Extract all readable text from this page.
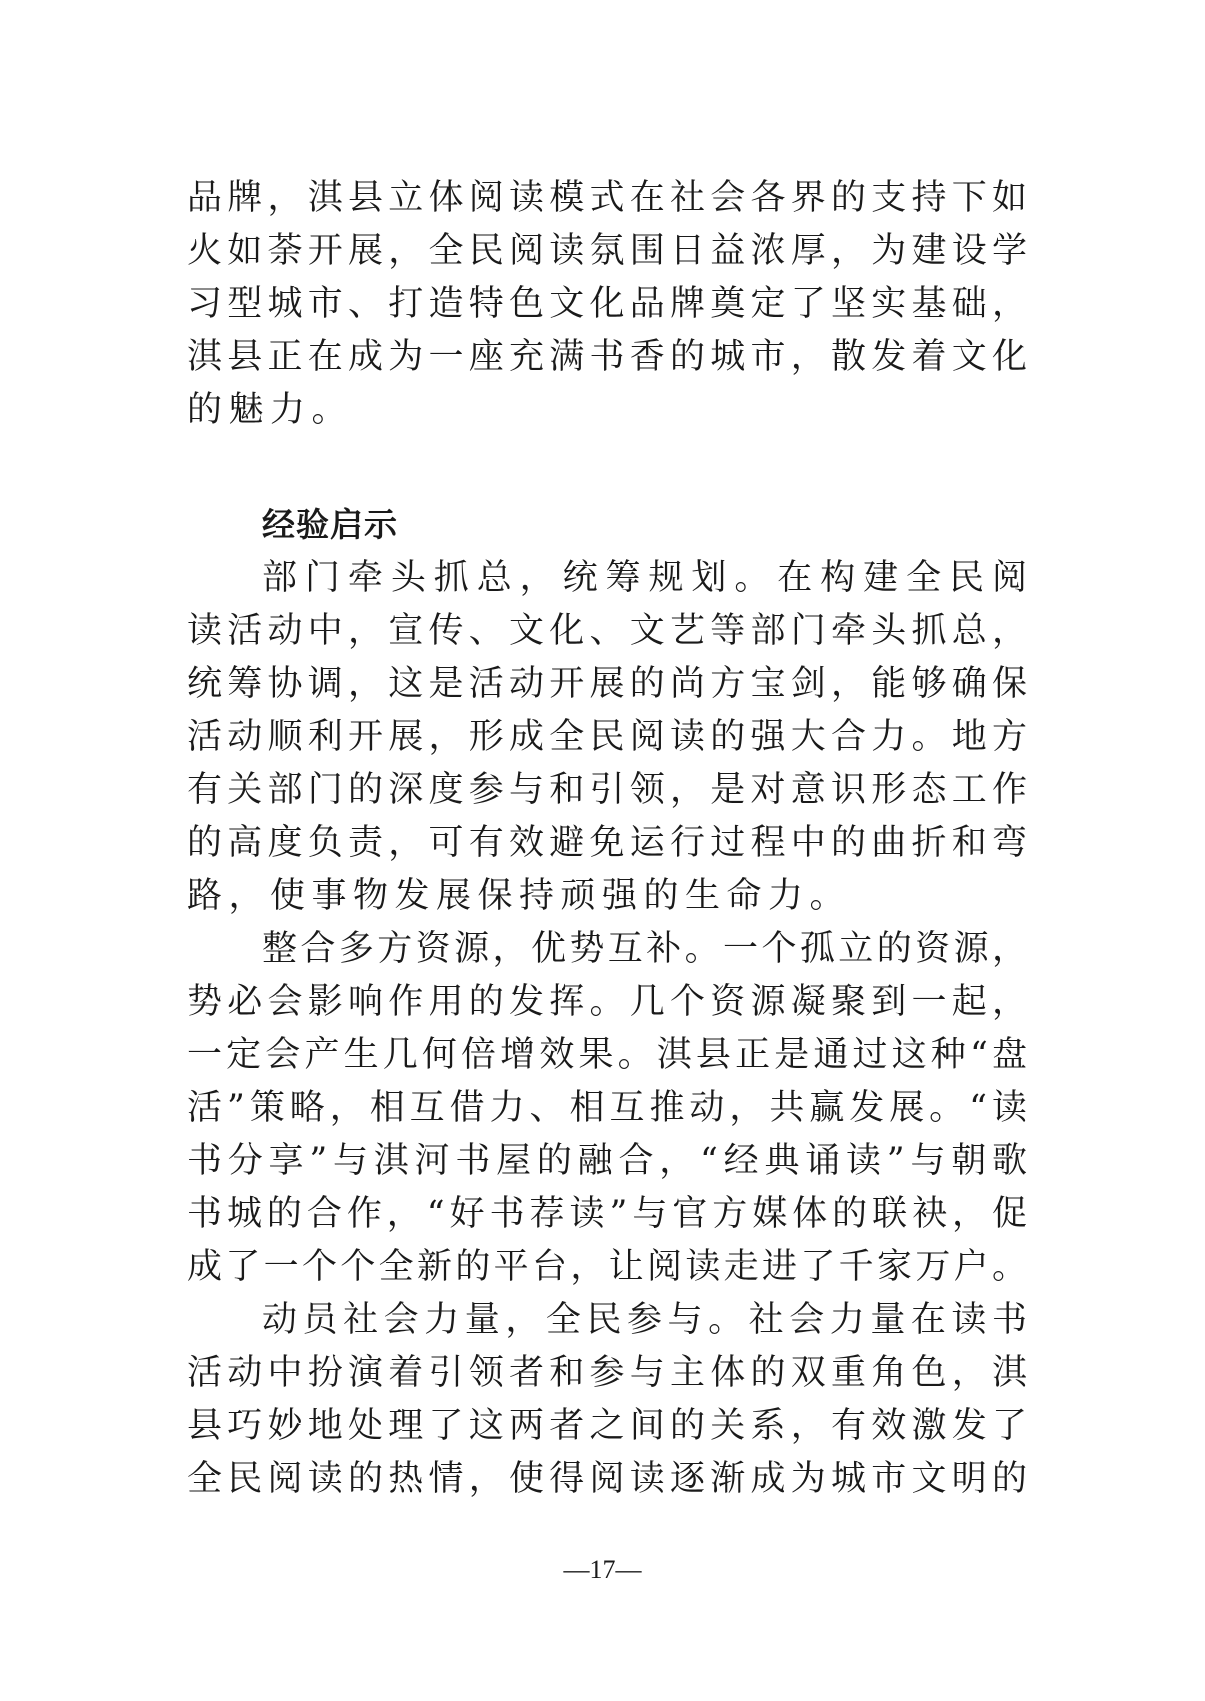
品牌，淇县立体阅读模式在社会各界的支持下如
火如荼开展，全民阅读氛围日益浓厚，为建设学
习型城市、打造特色文化品牌奠定了坚实基础，
淇县正在成为一座充满书香的城市，散发着文化
的魅力。
经验启示
部门牵头抓总，统筹规划。在构建全民阅
读活动中，宣传、文化、文艺等部门牵头抓总，
统筹协调，这是活动开展的尚方宝剑，能够确保
活动顺利开展，形成全民阅读的强大合力。地方
有关部门的深度参与和引领，是对意识形态工作
的高度负责，可有效避免运行过程中的曲折和弯
路，使事物发展保持顽强的生命力。
整合多方资源，优势互补。一个孤立的资源，
势必会影响作用的发挥。几个资源凝聚到一起，
一定会产生几何倍增效果。淇县正是通过这种“盘
活”策略，相互借力、相互推动，共赢发展。“读
书分享”与淇河书屋的融合，“经典诵读”与朝歌
书城的合作，“好书荐读”与官方媒体的联袂，促
成了一个个全新的平台，让阅读走进了千家万户。
动员社会力量，全民参与。社会力量在读书
活动中扮演着引领者和参与主体的双重角色，淇
县巧妙地处理了这两者之间的关系，有效激发了
全民阅读的热情，使得阅读逐渐成为城市文明的
—17—
